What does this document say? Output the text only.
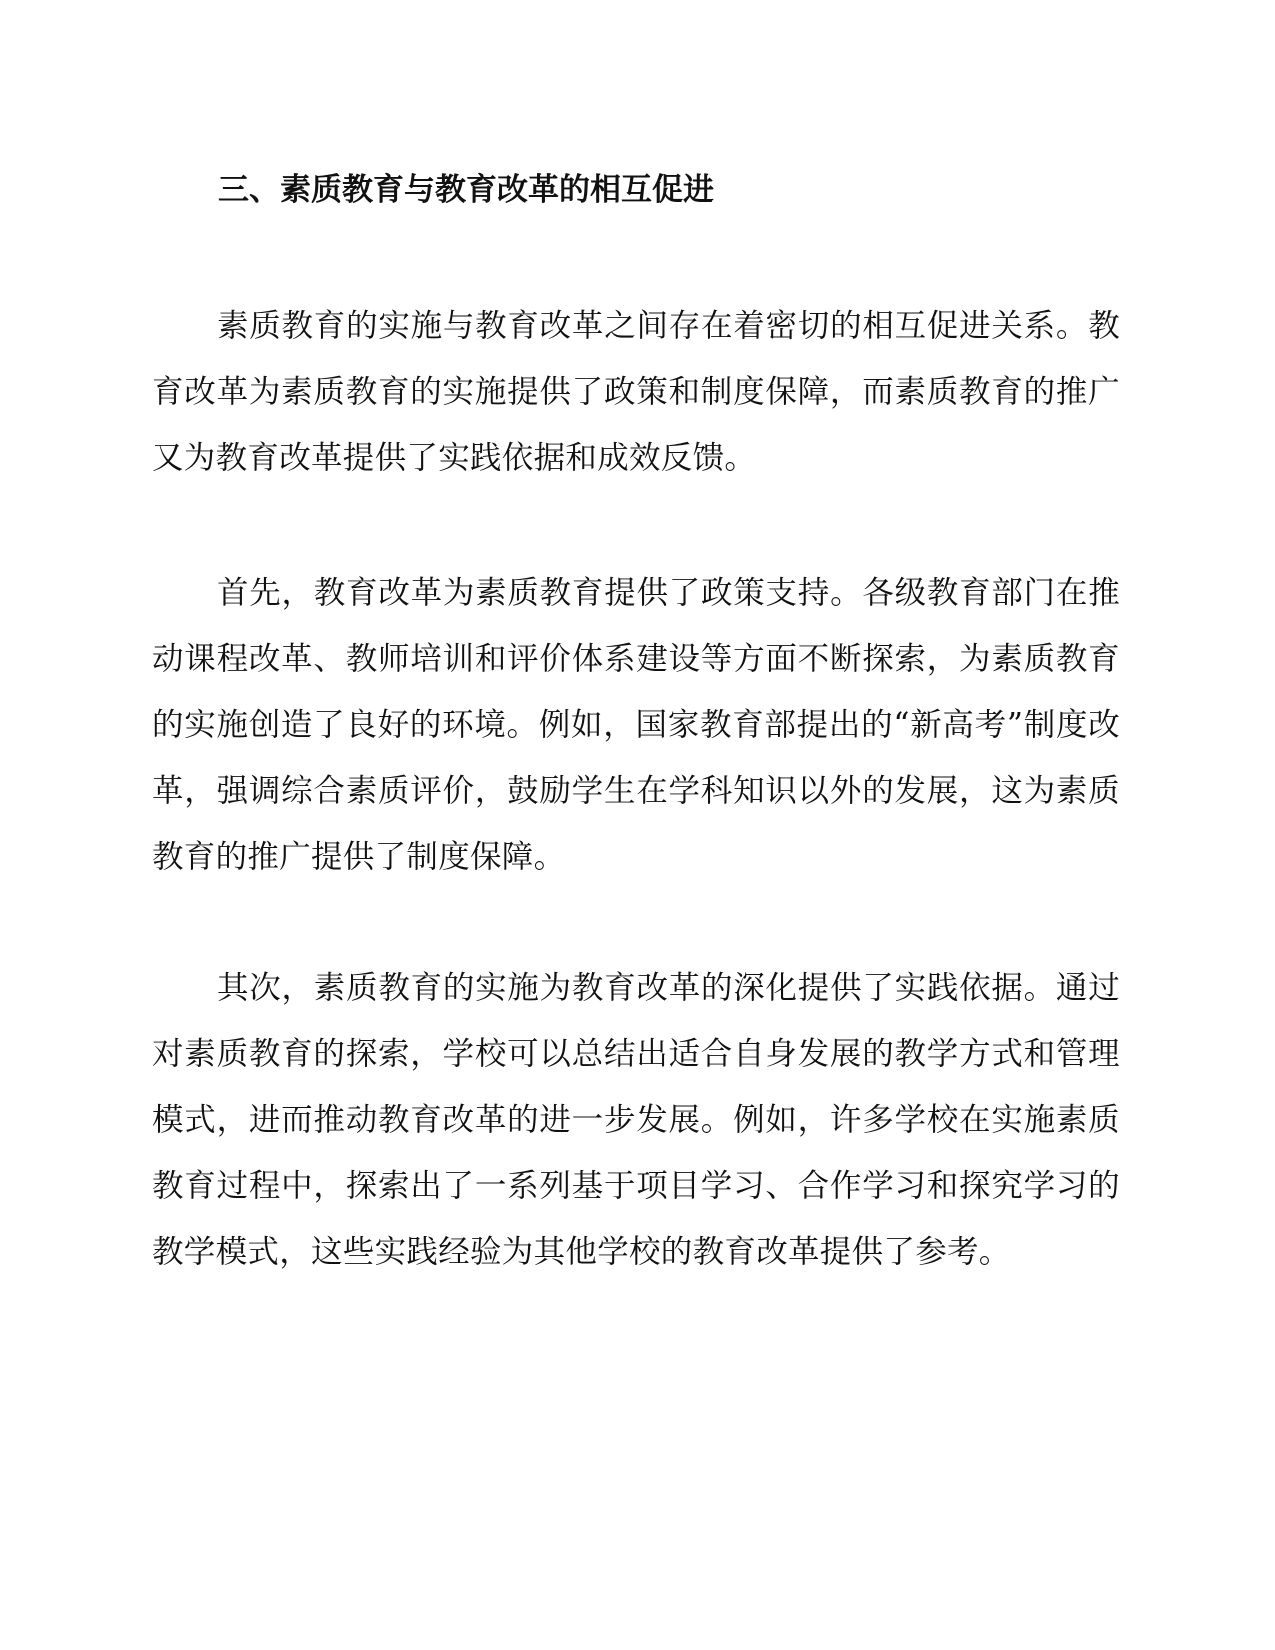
三、素质教育与教育改革的相互促进

素质教育的实施与教育改革之间存在着密切的相互促进关系。教育改革为素质教育的实施提供了政策和制度保障，而素质教育的推广又为教育改革提供了实践依据和成效反馈。

首先，教育改革为素质教育提供了政策支持。各级教育部门在推动课程改革、教师培训和评价体系建设等方面不断探索，为素质教育的实施创造了良好的环境。例如，国家教育部提出的“新高考”制度改革，强调综合素质评价，鼓励学生在学科知识以外的发展，这为素质教育的推广提供了制度保障。

其次，素质教育的实施为教育改革的深化提供了实践依据。通过对素质教育的探索，学校可以总结出适合自身发展的教学方式和管理模式，进而推动教育改革的进一步发展。例如，许多学校在实施素质教育过程中，探索出了一系列基于项目学习、合作学习和探究学习的教学模式，这些实践经验为其他学校的教育改革提供了参考。
